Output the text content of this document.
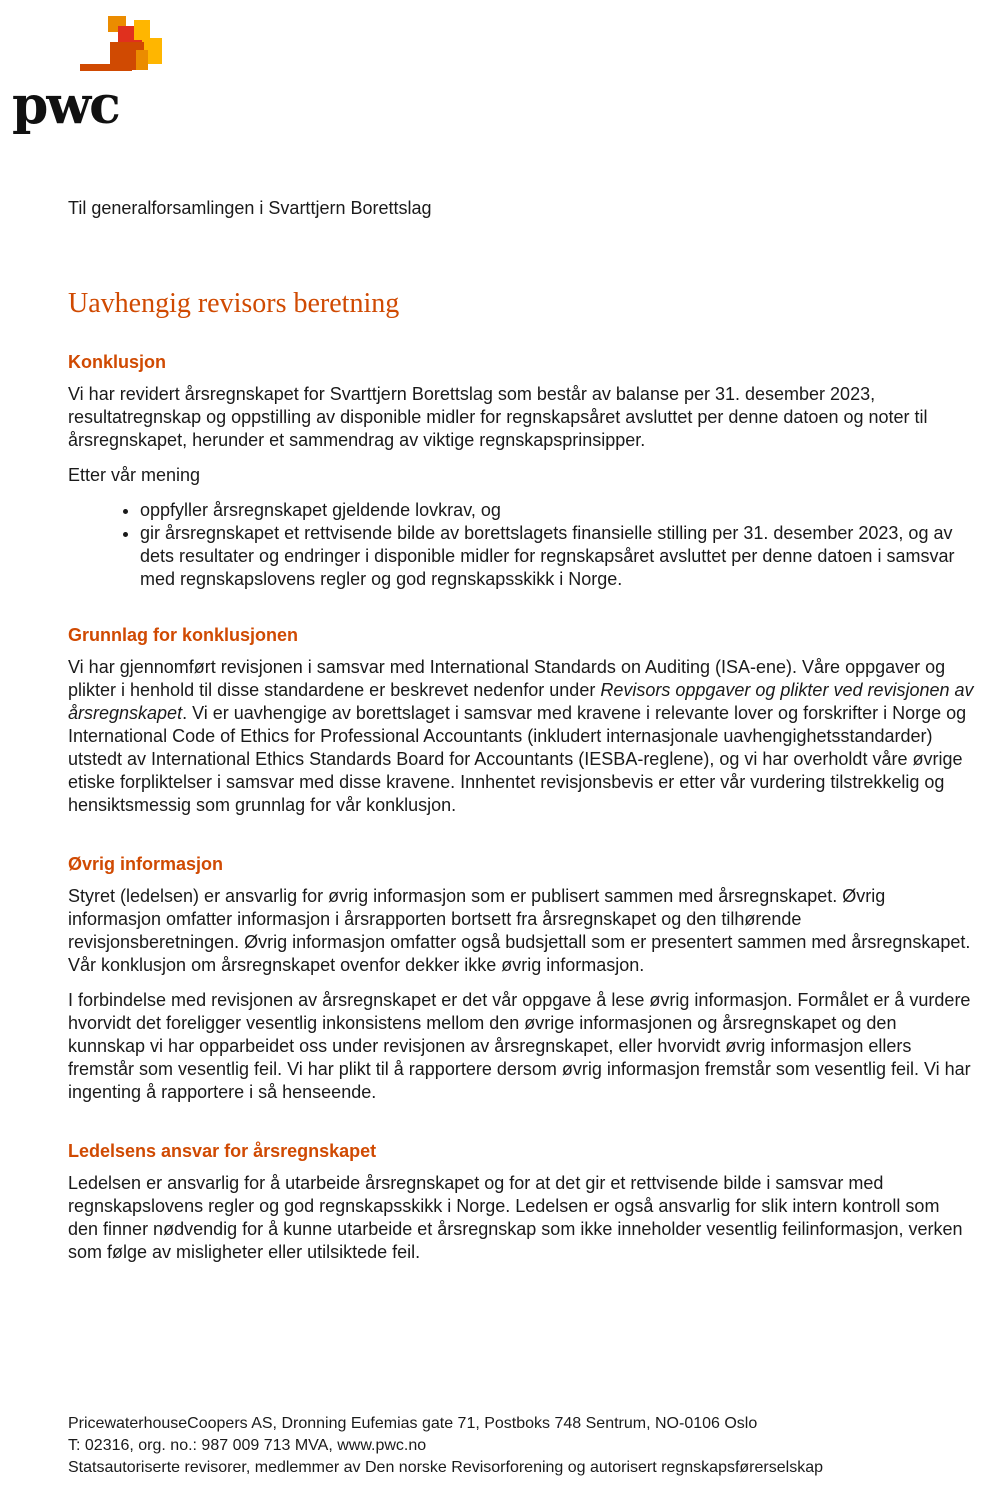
pwc
Til generalforsamlingen i Svarttjern Borettslag
Uavhengig revisors beretning
Konklusjon

Vi har revidert årsregnskapet for Svarttjern Borettslag som består av balanse per 31. desember 2023, resultatregnskap og oppstilling av disponible midler for regnskapsåret avsluttet per denne datoen og noter til årsregnskapet, herunder et sammendrag av viktige regnskapsprinsipper.

Etter vår mening

• oppfyller årsregnskapet gjeldende lovkrav, og
• gir årsregnskapet et rettvisende bilde av borettslagets finansielle stilling per 31. desember 2023, og av dets resultater og endringer i disponible midler for regnskapsåret avsluttet per denne datoen i samsvar med regnskapslovens regler og god regnskapsskikk i Norge.
Grunnlag for konklusjonen

Vi har gjennomført revisjonen i samsvar med International Standards on Auditing (ISA-ene). Våre oppgaver og plikter i henhold til disse standardene er beskrevet nedenfor under Revisors oppgaver og plikter ved revisjonen av årsregnskapet. Vi er uavhengige av borettslaget i samsvar med kravene i relevante lover og forskrifter i Norge og International Code of Ethics for Professional Accountants (inkludert internasjonale uavhengighetsstandarder) utstedt av International Ethics Standards Board for Accountants (IESBA-reglene), og vi har overholdt våre øvrige etiske forpliktelser i samsvar med disse kravene. Innhentet revisjonsbevis er etter vår vurdering tilstrekkelig og hensiktsmessig som grunnlag for vår konklusjon.

Øvrig informasjon

Styret (ledelsen) er ansvarlig for øvrig informasjon som er publisert sammen med årsregnskapet. Øvrig informasjon omfatter informasjon i årsrapporten bortsett fra årsregnskapet og den tilhørende revisjonsberetningen. Øvrig informasjon omfatter også budsjettall som er presentert sammen med årsregnskapet. Vår konklusjon om årsregnskapet ovenfor dekker ikke øvrig informasjon.

I forbindelse med revisjonen av årsregnskapet er det vår oppgave å lese øvrig informasjon. Formålet er å vurdere hvorvidt det foreligger vesentlig inkonsistens mellom den øvrige informasjonen og årsregnskapet og den kunnskap vi har opparbeidet oss under revisjonen av årsregnskapet, eller hvorvidt øvrig informasjon ellers fremstår som vesentlig feil. Vi har plikt til å rapportere dersom øvrig informasjon fremstår som vesentlig feil. Vi har ingenting å rapportere i så henseende.

Ledelsens ansvar for årsregnskapet

Ledelsen er ansvarlig for å utarbeide årsregnskapet og for at det gir et rettvisende bilde i samsvar med regnskapslovens regler og god regnskapsskikk i Norge. Ledelsen er også ansvarlig for slik intern kontroll som den finner nødvendig for å kunne utarbeide et årsregnskap som ikke inneholder vesentlig feilinformasjon, verken som følge av misligheter eller utilsiktede feil.

PricewaterhouseCoopers AS, Dronning Eufemias gate 71, Postboks 748 Sentrum, NO-0106 Oslo
T: 02316, org. no.: 987 009 713 MVA, www.pwc.no
Statsautoriserte revisorer, medlemmer av Den norske Revisorforening og autorisert regnskapsførerselskap
